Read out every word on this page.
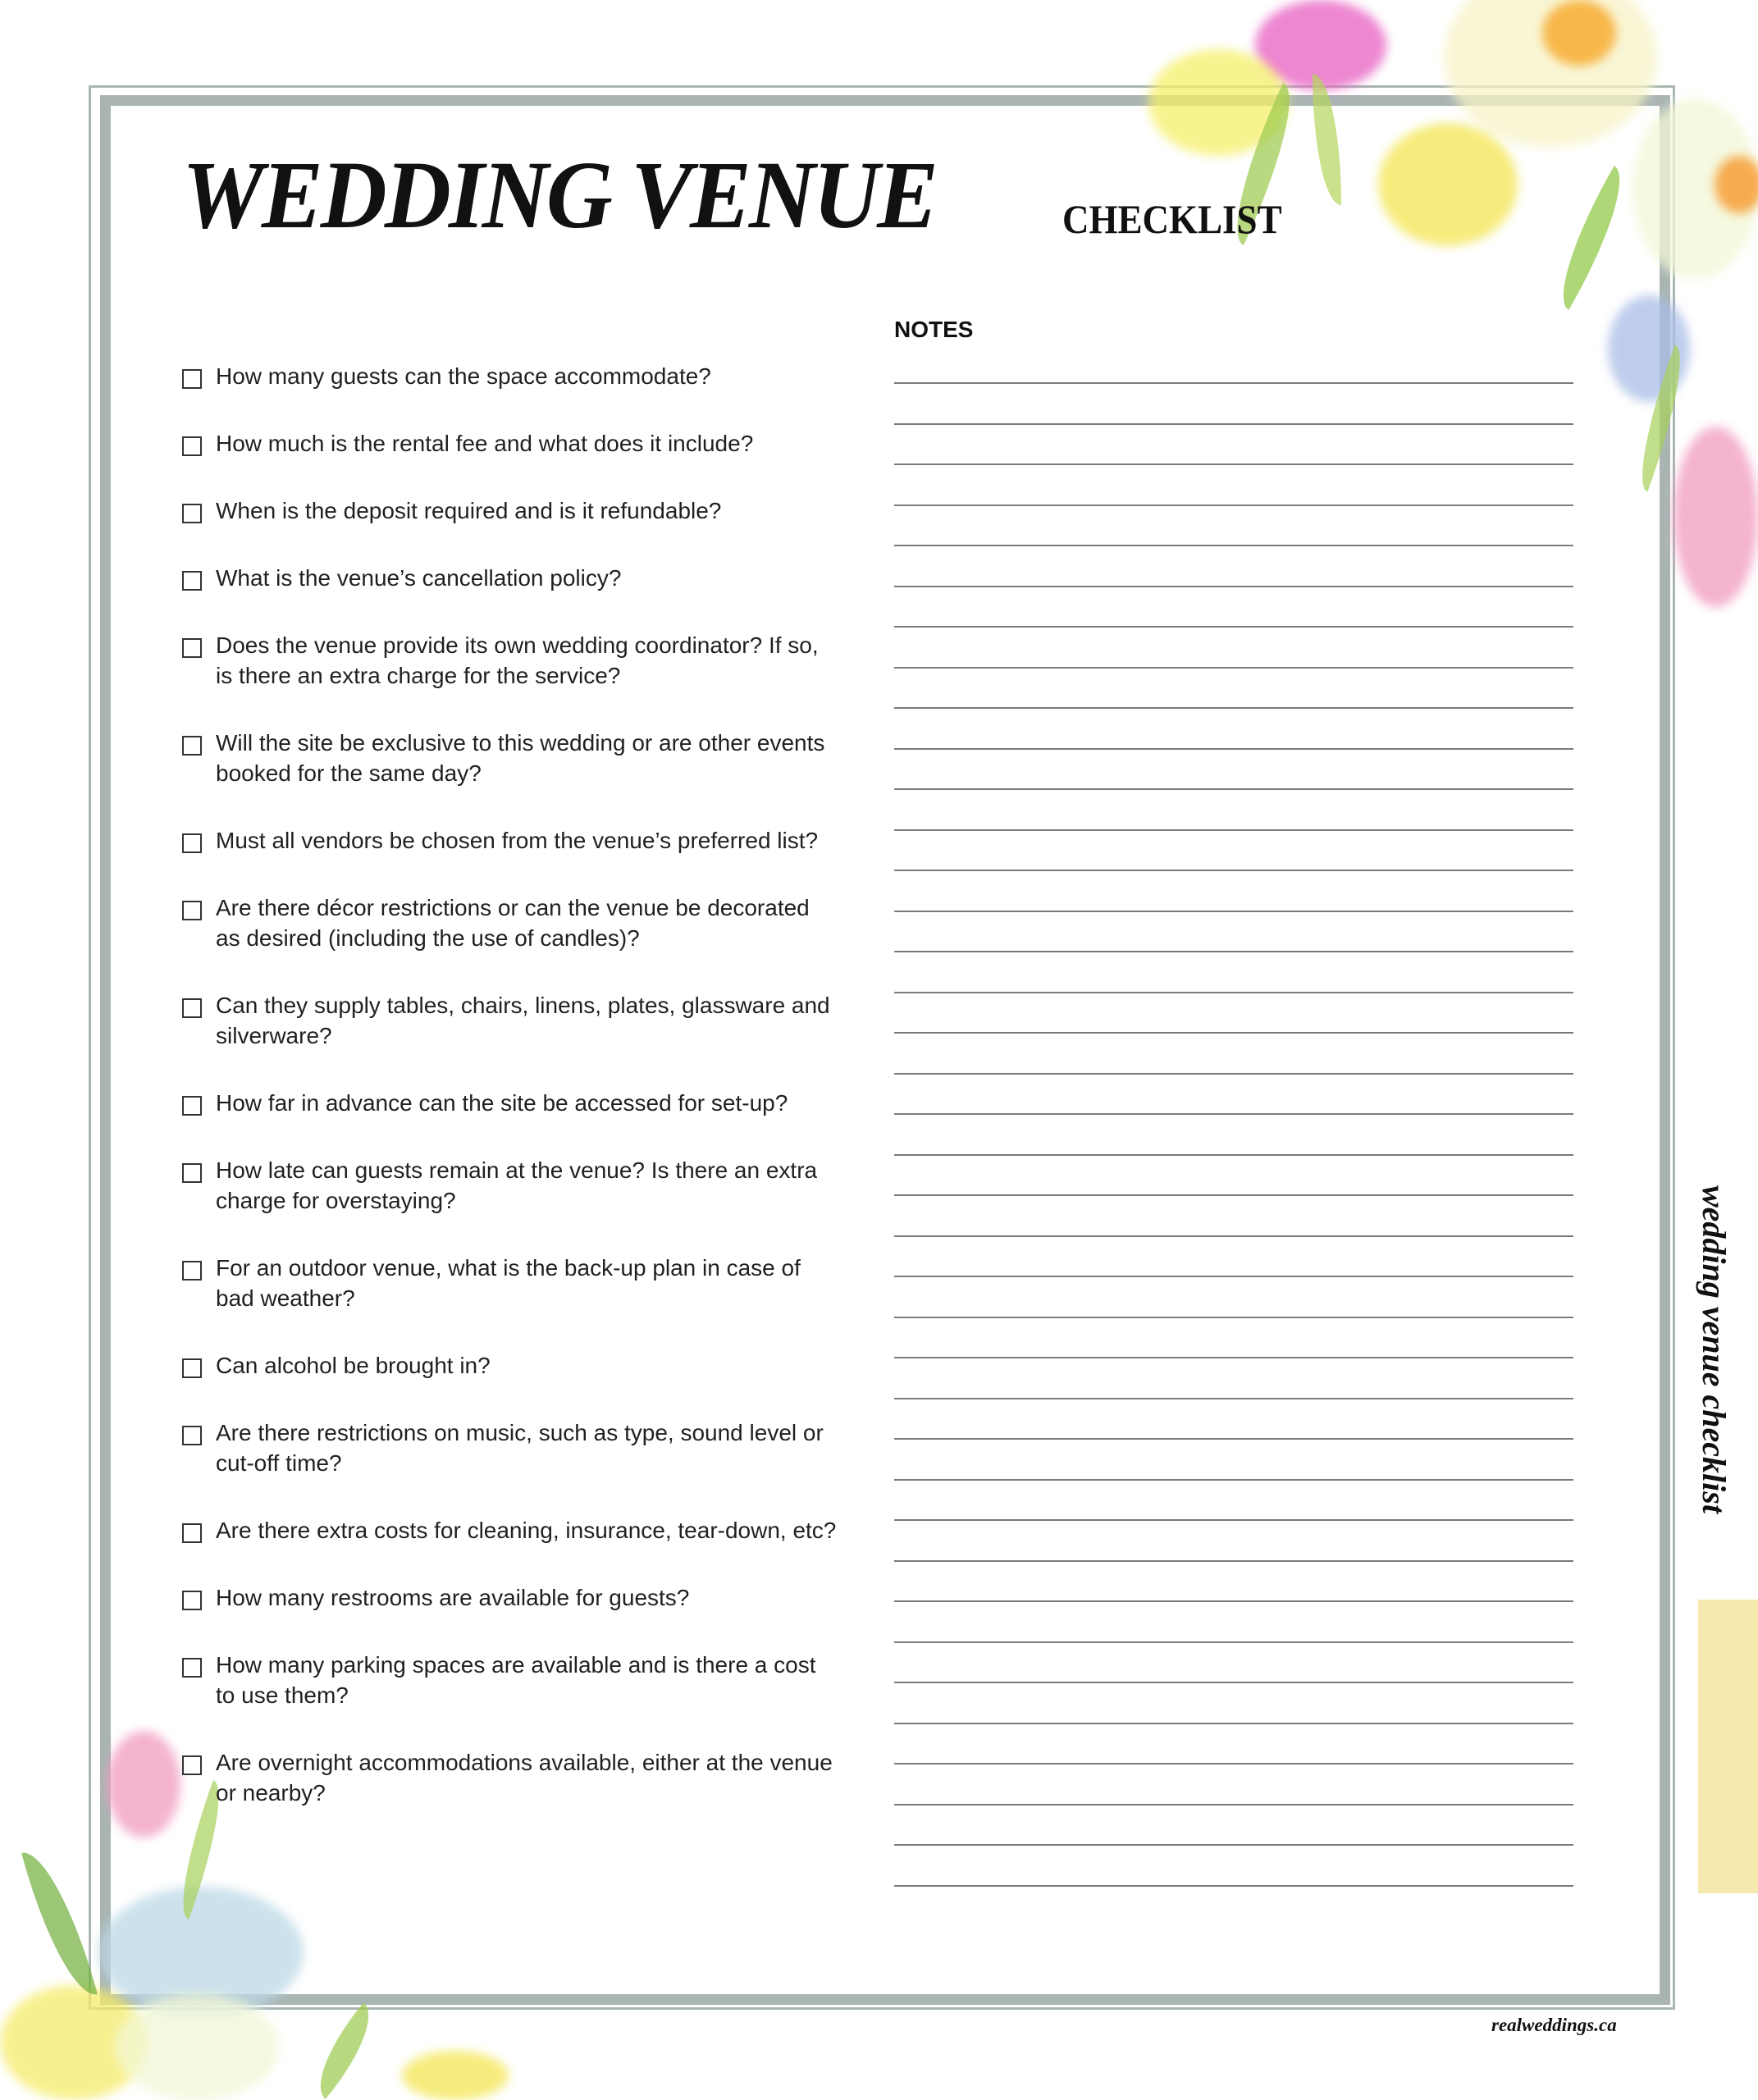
WEDDING VENUE	CHECKLIST
NOTES
How many guests can the space accommodate?
How much is the rental fee and what does it include?
When is the deposit required and is it refundable?
What is the venue’s cancellation policy?
Does the venue provide its own wedding coordinator? If so, is there an extra charge for the service?
Will the site be exclusive to this wedding or are other events booked for the same day?
Must all vendors be chosen from the venue’s preferred list?
Are there décor restrictions or can the venue be decorated as desired (including the use of candles)?
Can they supply tables, chairs, linens, plates, glassware and silverware?
How far in advance can the site be accessed for set-up?
How late can guests remain at the venue? Is there an extra charge for overstaying?
For an outdoor venue, what is the back-up plan in case of bad weather?
Can alcohol be brought in?
Are there restrictions on music, such as type, sound level or cut-off time?
Are there extra costs for cleaning, insurance, tear-down, etc?
How many restrooms are available for guests?
How many parking spaces are available and is there a cost to use them?
Are overnight accommodations available, either at the venue or nearby?
wedding venue checklist
realweddings.ca
